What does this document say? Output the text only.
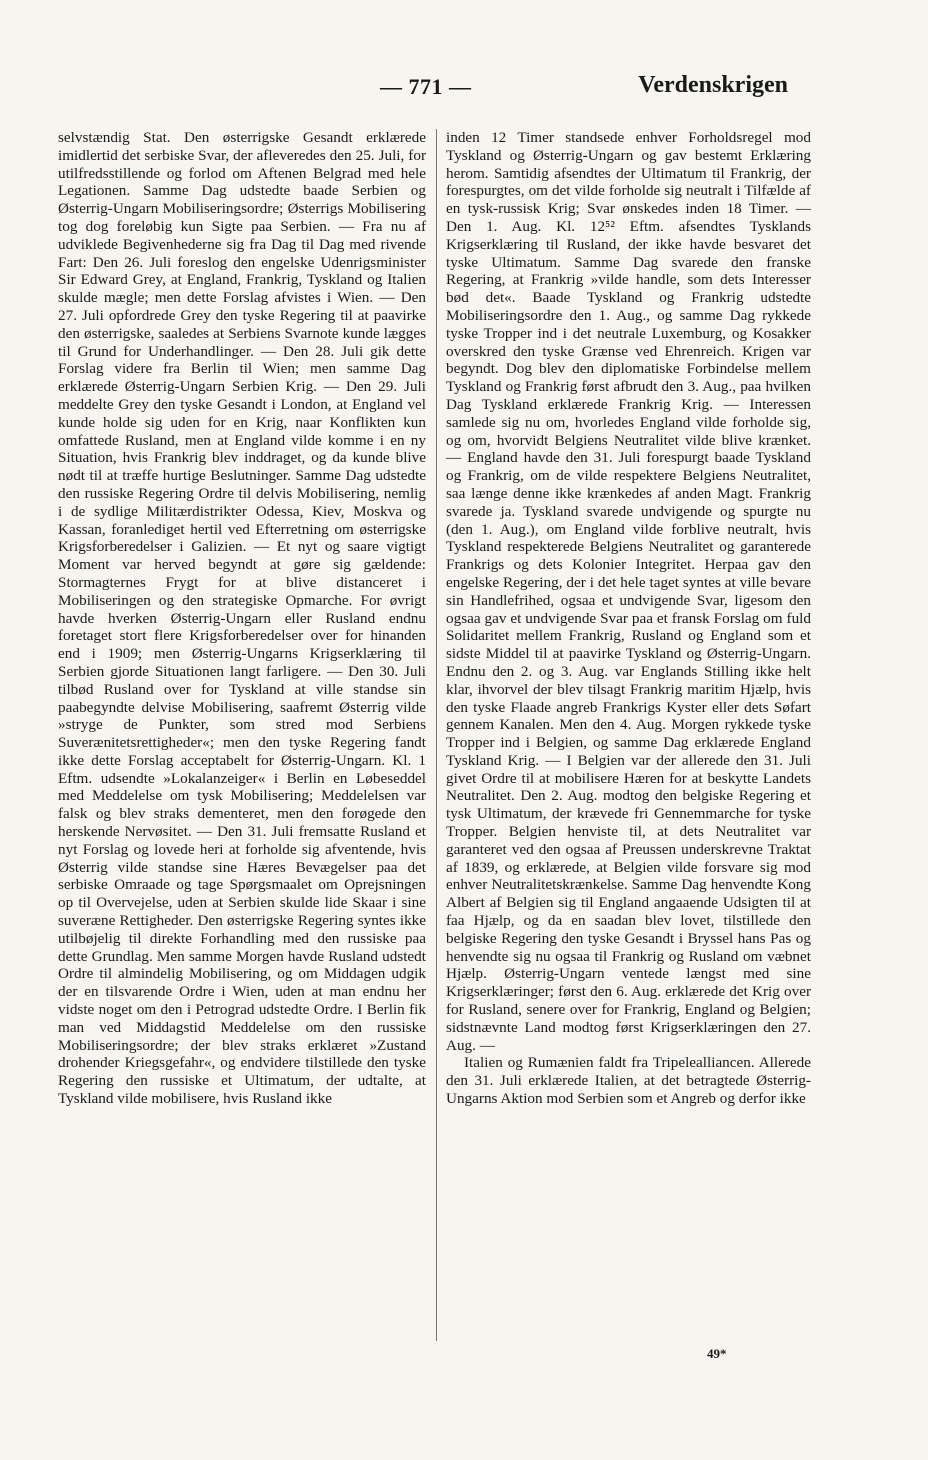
— 771 —	Verdenskrigen

selvstændig Stat. Den østerrigske Gesandt erklærede imidlertid det serbiske Svar, der afleveredes den 25. Juli, for utilfredsstillende og forlod om Aftenen Belgrad med hele Legationen. Samme Dag udstedte baade Serbien og Østerrig-Ungarn Mobiliseringsordre; Østerrigs Mobilisering tog dog foreløbig kun Sigte paa Serbien. — Fra nu af udviklede Begivenhederne sig fra Dag til Dag med rivende Fart: Den 26. Juli foreslog den engelske Udenrigsminister Sir Edward Grey, at England, Frankrig, Tyskland og Italien skulde mægle; men dette Forslag afvistes i Wien. — Den 27. Juli opfordrede Grey den tyske Regering til at paavirke den østerrigske, saaledes at Serbiens Svarnote kunde lægges til Grund for Underhandlinger. — Den 28. Juli gik dette Forslag videre fra Berlin til Wien; men samme Dag erklærede Østerrig-Ungarn Serbien Krig. — Den 29. Juli meddelte Grey den tyske Gesandt i London, at England vel kunde holde sig uden for en Krig, naar Konflikten kun omfattede Rusland, men at England vilde komme i en ny Situation, hvis Frankrig blev inddraget, og da kunde blive nødt til at træffe hurtige Beslutninger. Samme Dag udstedte den russiske Regering Ordre til delvis Mobilisering, nemlig i de sydlige Militærdistrikter Odessa, Kiev, Moskva og Kassan, foranlediget hertil ved Efterretning om østerrigske Krigsforberedelser i Galizien. — Et nyt og saare vigtigt Moment var herved begyndt at gøre sig gældende: Stormagternes Frygt for at blive distanceret i Mobiliseringen og den strategiske Opmarche. For øvrigt havde hverken Østerrig-Ungarn eller Rusland endnu foretaget stort flere Krigsforberedelser over for hinanden end i 1909; men Østerrig-Ungarns Krigserklæring til Serbien gjorde Situationen langt farligere. — Den 30. Juli tilbød Rusland over for Tyskland at ville standse sin paabegyndte delvise Mobilisering, saafremt Østerrig vilde »stryge de Punkter, som stred mod Serbiens Suverænitetsrettigheder«; men den tyske Regering fandt ikke dette Forslag acceptabelt for Østerrig-Ungarn. Kl. 1 Eftm. udsendte »Lokalanzeiger« i Berlin en Løbeseddel med Meddelelse om tysk Mobilisering; Meddelelsen var falsk og blev straks dementeret, men den forøgede den herskende Nervøsitet. — Den 31. Juli fremsatte Rusland et nyt Forslag og lovede heri at forholde sig afventende, hvis Østerrig vilde standse sine Hæres Bevægelser paa det serbiske Omraade og tage Spørgsmaalet om Oprejsningen op til Overvejelse, uden at Serbien skulde lide Skaar i sine suveræne Rettigheder. Den østerrigske Regering syntes ikke utilbøjelig til direkte Forhandling med den russiske paa dette Grundlag. Men samme Morgen havde Rusland udstedt Ordre til almindelig Mobilisering, og om Middagen udgik der en tilsvarende Ordre i Wien, uden at man endnu her vidste noget om den i Petrograd udstedte Ordre. I Berlin fik man ved Middagstid Meddelelse om den russiske Mobiliseringsordre; der blev straks erklæret »Zustand drohender Kriegsgefahr«, og endvidere tilstillede den tyske Regering den russiske et Ultimatum, der udtalte, at Tyskland vilde mobilisere, hvis Rusland ikke

inden 12 Timer standsede enhver Forholdsregel mod Tyskland og Østerrig-Ungarn og gav bestemt Erklæring herom. Samtidig afsendtes der Ultimatum til Frankrig, der forespurgtes, om det vilde forholde sig neutralt i Tilfælde af en tysk-russisk Krig; Svar ønskedes inden 18 Timer. — Den 1. Aug. Kl. 12⁵² Eftm. afsendtes Tysklands Krigserklæring til Rusland, der ikke havde besvaret det tyske Ultimatum. Samme Dag svarede den franske Regering, at Frankrig »vilde handle, som dets Interesser bød det«. Baade Tyskland og Frankrig udstedte Mobiliseringsordre den 1. Aug., og samme Dag rykkede tyske Tropper ind i det neutrale Luxemburg, og Kosakker overskred den tyske Grænse ved Ehrenreich. Krigen var begyndt. Dog blev den diplomatiske Forbindelse mellem Tyskland og Frankrig først afbrudt den 3. Aug., paa hvilken Dag Tyskland erklærede Frankrig Krig. — Interessen samlede sig nu om, hvorledes England vilde forholde sig, og om, hvorvidt Belgiens Neutralitet vilde blive krænket. — England havde den 31. Juli forespurgt baade Tyskland og Frankrig, om de vilde respektere Belgiens Neutralitet, saa længe denne ikke krænkedes af anden Magt. Frankrig svarede ja. Tyskland svarede undvigende og spurgte nu (den 1. Aug.), om England vilde forblive neutralt, hvis Tyskland respekterede Belgiens Neutralitet og garanterede Frankrigs og dets Kolonier Integritet. Herpaa gav den engelske Regering, der i det hele taget syntes at ville bevare sin Handlefrihed, ogsaa et undvigende Svar, ligesom den ogsaa gav et undvigende Svar paa et fransk Forslag om fuld Solidaritet mellem Frankrig, Rusland og England som et sidste Middel til at paavirke Tyskland og Østerrig-Ungarn. Endnu den 2. og 3. Aug. var Englands Stilling ikke helt klar, ihvorvel der blev tilsagt Frankrig maritim Hjælp, hvis den tyske Flaade angreb Frankrigs Kyster eller dets Søfart gennem Kanalen. Men den 4. Aug. Morgen rykkede tyske Tropper ind i Belgien, og samme Dag erklærede England Tyskland Krig. — I Belgien var der allerede den 31. Juli givet Ordre til at mobilisere Hæren for at beskytte Landets Neutralitet. Den 2. Aug. modtog den belgiske Regering et tysk Ultimatum, der krævede fri Gennemmarche for tyske Tropper. Belgien henviste til, at dets Neutralitet var garanteret ved den ogsaa af Preussen underskrevne Traktat af 1839, og erklærede, at Belgien vilde forsvare sig mod enhver Neutralitetskrænkelse. Samme Dag henvendte Kong Albert af Belgien sig til England angaaende Udsigten til at faa Hjælp, og da en saadan blev lovet, tilstillede den belgiske Regering den tyske Gesandt i Bryssel hans Pas og henvendte sig nu ogsaa til Frankrig og Rusland om væbnet Hjælp. Østerrig-Ungarn ventede længst med sine Krigserklæringer; først den 6. Aug. erklærede det Krig over for Rusland, senere over for Frankrig, England og Belgien; sidstnævnte Land modtog først Krigserklæringen den 27. Aug. —

Italien og Rumænien faldt fra Tripelealliancen. Allerede den 31. Juli erklærede Italien, at det betragtede Østerrig-Ungarns Aktion mod Serbien som et Angreb og derfor ikke

49*
